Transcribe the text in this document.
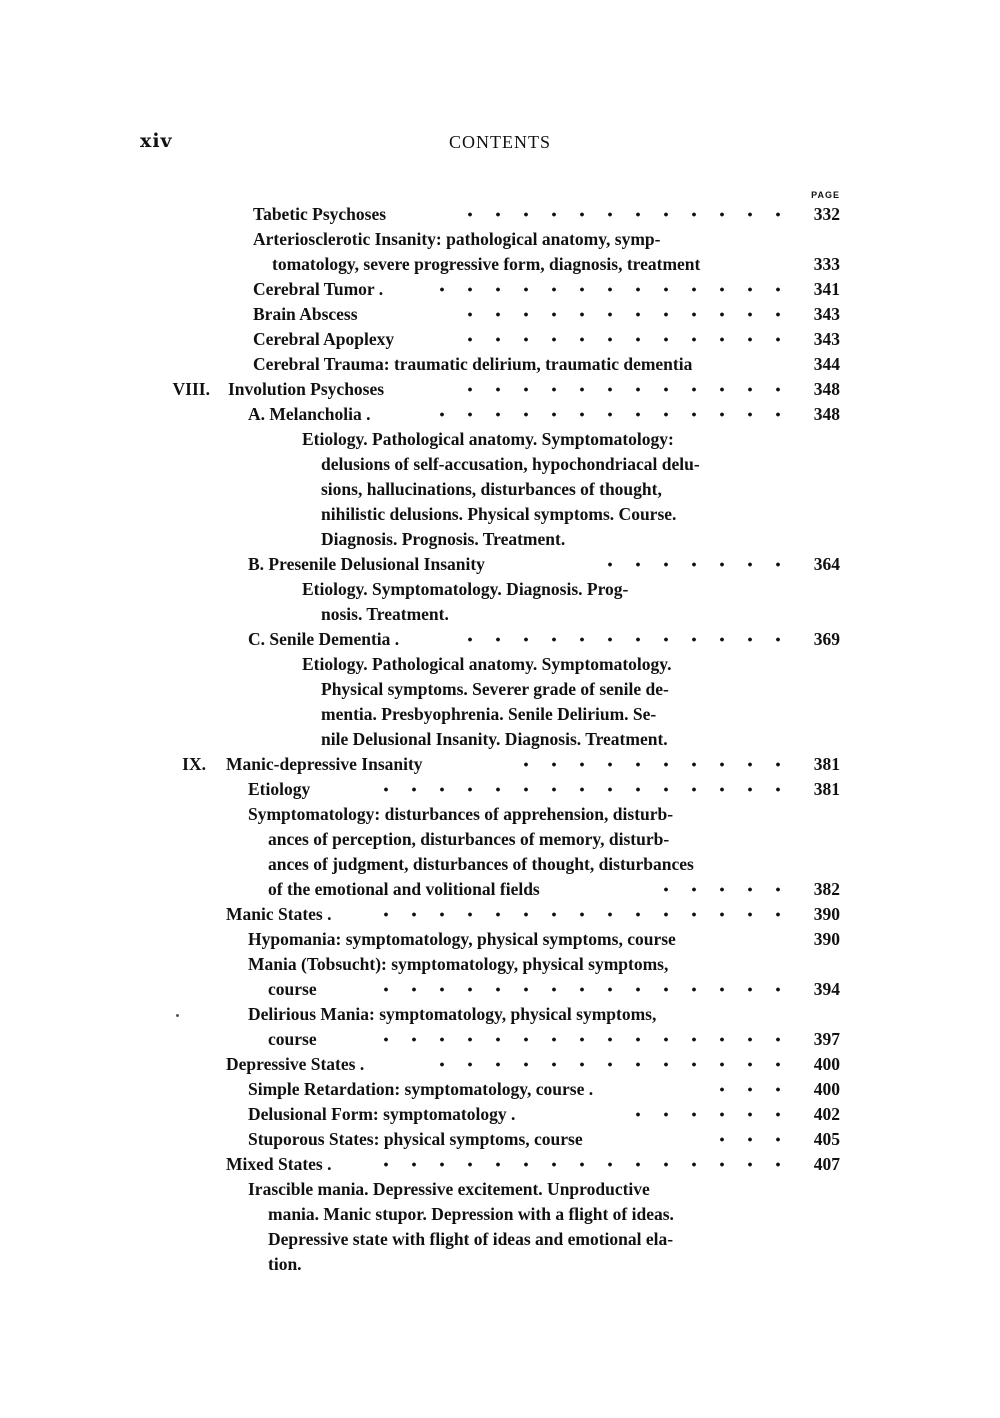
xiv	CONTENTS
PAGE
Tabetic Psychoses	332
Arteriosclerotic Insanity: pathological anatomy, symp-
tomatology, severe progressive form, diagnosis, treatment	333
Cerebral Tumor .	341
Brain Abscess	343
Cerebral Apoplexy	343
Cerebral Trauma: traumatic delirium, traumatic dementia	344
VIII. Involution Psychoses	348
A. Melancholia .	348
Etiology. Pathological anatomy. Symptomatology:
delusions of self-accusation, hypochondriacal delu-
sions, hallucinations, disturbances of thought,
nihilistic delusions. Physical symptoms. Course.
Diagnosis. Prognosis. Treatment.
B. Presenile Delusional Insanity	364
Etiology. Symptomatology. Diagnosis. Prog-
nosis. Treatment.
C. Senile Dementia .	369
Etiology. Pathological anatomy. Symptomatology.
Physical symptoms. Severer grade of senile de-
mentia. Presbyophrenia. Senile Delirium. Se-
nile Delusional Insanity. Diagnosis. Treatment.
IX. Manic-depressive Insanity	381
Etiology	381
Symptomatology: disturbances of apprehension, disturb-
ances of perception, disturbances of memory, disturb-
ances of judgment, disturbances of thought, disturbances
of the emotional and volitional fields	382
Manic States .	390
Hypomania: symptomatology, physical symptoms, course	390
Mania (Tobsucht): symptomatology, physical symptoms,
course	394
Delirious Mania: symptomatology, physical symptoms,
course	397
Depressive States .	400
Simple Retardation: symptomatology, course .	400
Delusional Form: symptomatology .	402
Stuporous States: physical symptoms, course	405
Mixed States .	407
Irascible mania. Depressive excitement. Unproductive
mania. Manic stupor. Depression with a flight of ideas.
Depressive state with flight of ideas and emotional ela-
tion.
